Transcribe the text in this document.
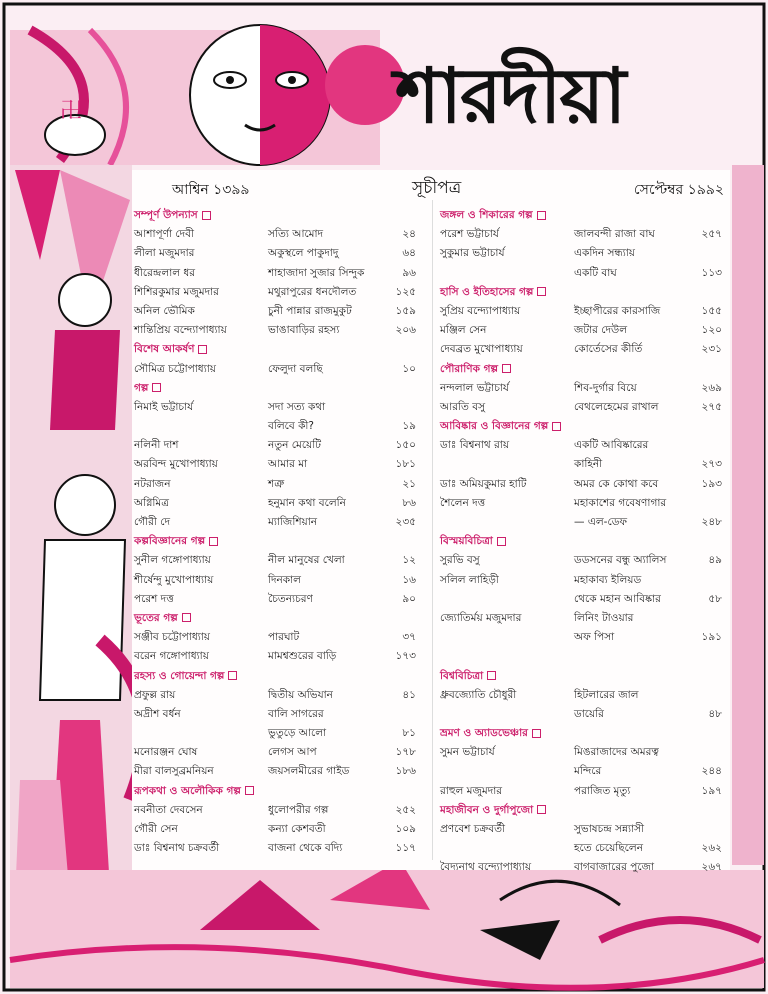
卍	শারদীয়া
আশ্বিন ১৩৯৯	সূচীপত্র	সেপ্টেম্বর ১৯৯২
সম্পূর্ণ উপন্যাস
আশাপূর্ণা দেবী	সত্যি আমোদ	২৪
লীলা মজুমদার	অকুস্থলে পাকুদাদু	৬৪
ধীরেন্দ্রলাল ধর	শাহাজাদা সুজার সিন্দুক	৯৬
শিশিরকুমার মজুমদার	মথুরাপুরের ধনদৌলত	১২৫
অনিল ভৌমিক	চুনী পান্নার রাজমুকুট	১৫৯
শান্তিপ্রিয় বন্দ্যোপাধ্যায়	ভাঙাবাড়ির রহস্য	২০৬
বিশেষ আকর্ষণ
সৌমিত্র চট্টোপাধ্যায়	ফেলুদা বলছি	১০
গল্প
নিমাই ভট্টাচার্য	সদা সত্য কথা
বলিবে কী?	১৯
নলিনী দাশ	নতুন মেয়েটি	১৫০
অরবিন্দ মুখোপাধ্যায়	আমার মা	১৮১
নটরাজন	শত্রু	২১
অগ্নিমিত্র	হনুমান কথা বলেনি	৮৬
গৌরী দে	ম্যাজিশিয়ান	২৩৫
কল্পবিজ্ঞানের গল্প
সুনীল গঙ্গোপাধ্যায়	নীল মানুষের খেলা	১২
শীর্ষেন্দু মুখোপাধ্যায়	দিনকাল	১৬
পরেশ দত্ত	চৈতন্যচরণ	৯০
ভূতের গল্প
সঞ্জীব চট্টোপাধ্যায়	পারঘাট	৩৭
বরেন গঙ্গোপাধ্যায়	মামশ্বশুরের বাড়ি	১৭৩
রহস্য ও গোয়েন্দা গল্প
প্রফুল্ল রায়	দ্বিতীয় অভিযান	৪১
অদ্রীশ বর্ধন	বালি সাগরের
ভুতুড়ে আলো	৮১
মনোরঞ্জন ঘোষ	লেগস আপ	১৭৮
মীরা বালসুব্রমনিয়ন	জয়সলমীরের গাইড	১৮৬
রূপকথা ও অলৌকিক গল্প
নবনীতা দেবসেন	ধুলোপরীর গল্প	২৫২
গৌরী সেন	কন্যা কেশবতী	১০৯
ডাঃ বিশ্বনাথ চক্রবর্তী	বাজনা থেকে বদ্যি	১১৭
জঙ্গল ও শিকারের গল্প
পরেশ ভট্টাচার্য	জালবন্দী রাজা বাঘ	২৫৭
সুকুমার ভট্টাচার্য	একদিন সন্ধ্যায়
একটি বাঘ	১১৩
হাসি ও ইতিহাসের গল্প
সুপ্রিয় বন্দ্যোপাধ্যায়	ইচ্ছাপীরের কারসাজি	১৫৫
মঞ্জিল সেন	জটার দেউল	১২০
দেবব্রত মুখোপাধ্যায়	কোর্তেসের কীর্তি	২৩১
পৌরাণিক গল্প
নন্দলাল ভট্টাচার্য	শিব-দুর্গার বিয়ে	২৬৯
আরতি বসু	বেথলেহেমের রাখাল	২৭৫
আবিষ্কার ও বিজ্ঞানের গল্প
ডাঃ বিশ্বনাথ রায়	একটি আবিষ্কারের
কাহিনী	২৭৩
ডাঃ অমিয়কুমার হাটি	অমর কে কোথা কবে	১৯৩
শৈলেন দত্ত	মহাকাশের গবেষণাগার
— এল-ডেফ	২৪৮
বিস্ময়বিচিত্রা
সুরভি বসু	ডডসনের বন্ধু অ্যালিস	৪৯
সলিল লাহিড়ী	মহাকাব্য ইলিয়ড
থেকে মহান আবিষ্কার	৫৮
জ্যোতির্ময় মজুমদার	লিনিং টাওয়ার
অফ পিসা	১৯১
বিশ্ববিচিত্রা
ধ্রুবজ্যোতি চৌধুরী	হিটলারের জাল
ডায়েরি	৪৮
ভ্রমণ ও অ্যাডভেঞ্চার
সুমন ভট্টাচার্য	মিঙরাজাদের অমরত্ব
মন্দিরে	২৪৪
রাহুল মজুমদার	পরাজিত মৃত্যু	১৯৭
মহাজীবন ও দুর্গাপুজো
প্রণবেশ চক্রবর্তী	সুভাষচন্দ্র সন্ন্যাসী
হতে চেয়েছিলেন	২৬২
বৈদ্যনাথ বন্দ্যোপাধ্যায়	বাগবাজারের পুজো	২৬৭
